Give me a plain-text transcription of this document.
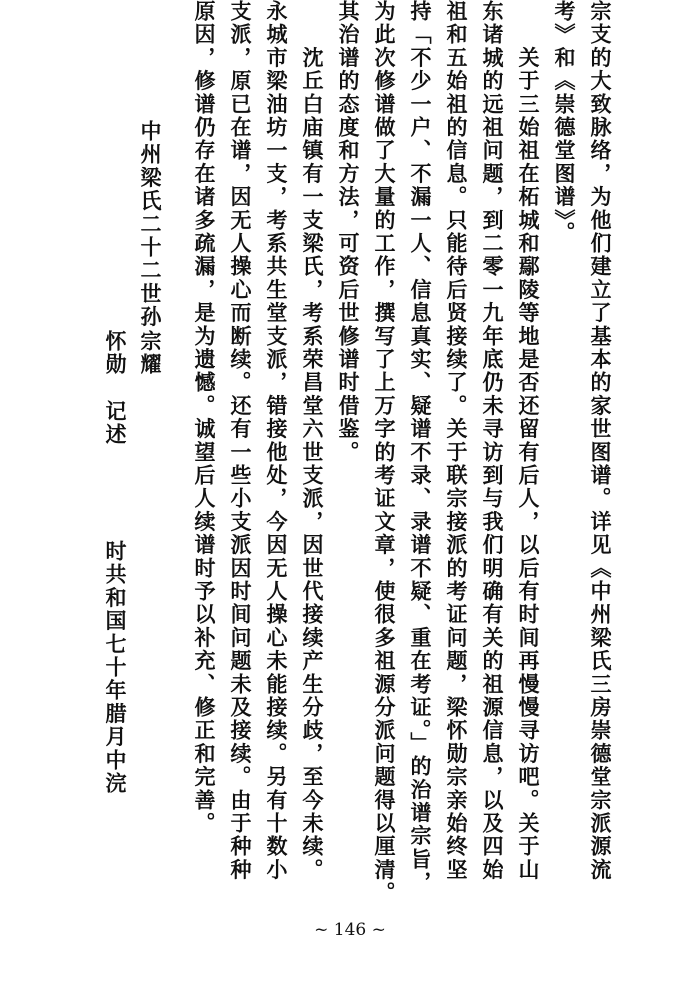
宗支的大致脉络，为他们建立了基本的家世图谱。详见《中州梁氏三房崇德堂宗派源流
考》和《崇德堂图谱》。
　　关于三始祖在柘城和鄢陵等地是否还留有后人，以后有时间再慢慢寻访吧。关于山
东诸城的远祖问题，到二零一九年底仍未寻访到与我们明确有关的祖源信息，以及四始
祖和五始祖的信息。只能待后贤接续了。关于联宗接派的考证问题，梁怀勋宗亲始终坚
持「不少一户、不漏一人、信息真实、疑谱不录、录谱不疑、重在考证。」的治谱宗旨，
为此次修谱做了大量的工作，撰写了上万字的考证文章，使很多祖源分派问题得以厘清。
其治谱的态度和方法，可资后世修谱时借鉴。
　　沈丘白庙镇有一支梁氏，考系荣昌堂六世支派，因世代接续产生分歧，至今未续。
永城市梁油坊一支，考系共生堂支派，错接他处，今因无人操心未能接续。另有十数小
支派，原已在谱，因无人操心而断续。还有一些小支派因时间问题未及接续。由于种种
原因，修谱仍存在诸多疏漏，是为遗憾。诚望后人续谱时予以补充、修正和完善。
中州梁氏二十二世孙
宗耀
怀勋
记述
时共和国七十年腊月中浣
~ 146 ~
